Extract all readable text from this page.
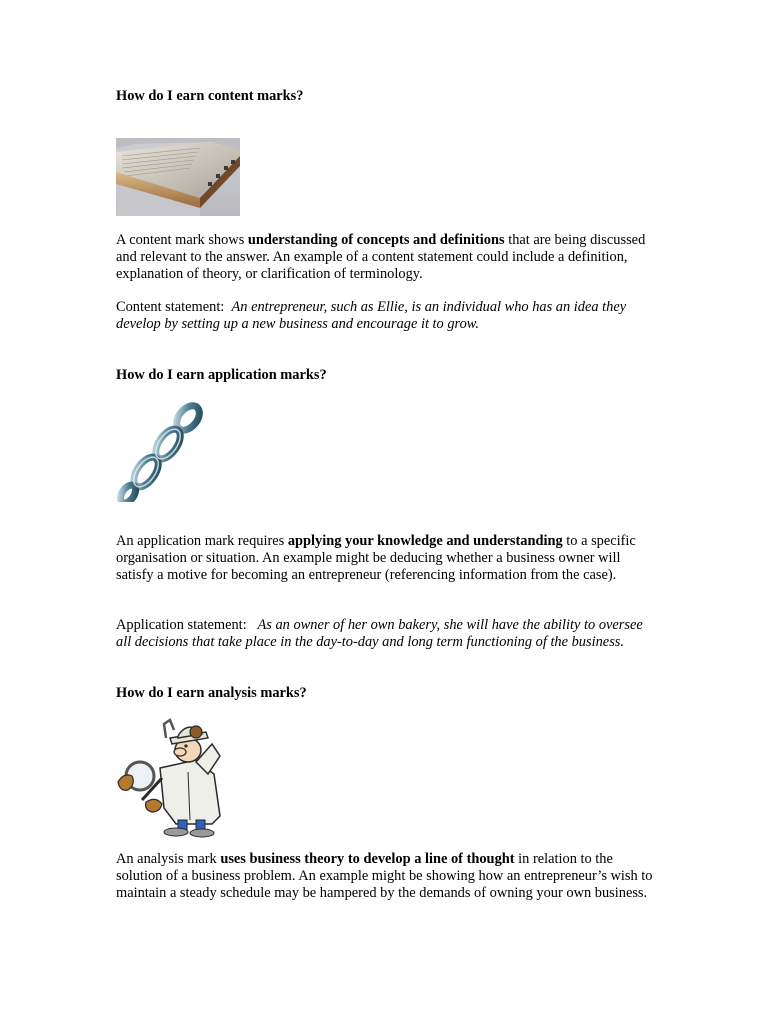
How do I earn content marks?
A content mark shows understanding of concepts and definitions that are being discussed and relevant to the answer. An example of a content statement could include a definition, explanation of theory, or clarification of terminology.
Content statement:  An entrepreneur, such as Ellie, is an individual who has an idea they develop by setting up a new business and encourage it to grow.
How do I earn application marks?
An application mark requires applying your knowledge and understanding to a specific organisation or situation. An example might be deducing whether a business owner will satisfy a motive for becoming an entrepreneur (referencing information from the case).
Application statement:   As an owner of her own bakery, she will have the ability to oversee all decisions that take place in the day-to-day and long term functioning of the business.
How do I earn analysis marks?
An analysis mark uses business theory to develop a line of thought in relation to the solution of a business problem. An example might be showing how an entrepreneur’s wish to maintain a steady schedule may be hampered by the demands of owning your own business.
